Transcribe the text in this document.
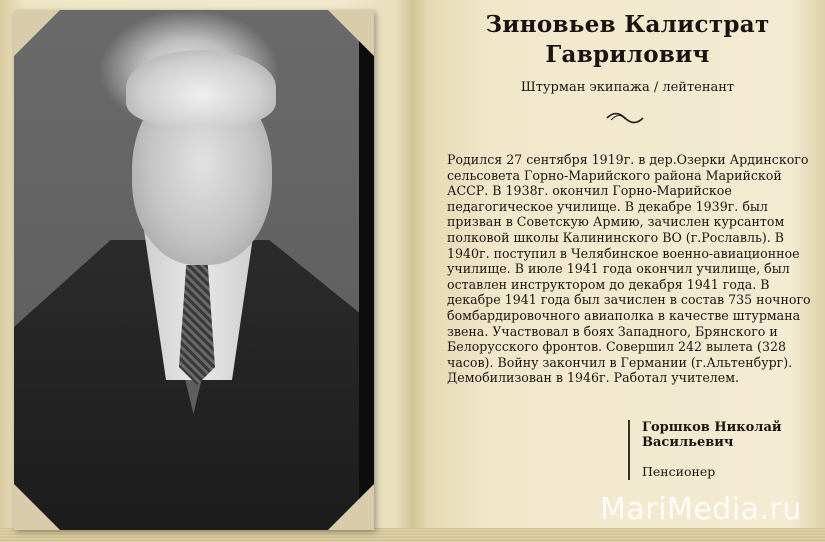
Зиновьев Калистрат Гаврилович
Штурман экипажа / лейтенант
Родился 27 сентября 1919г. в дер.Озерки Ардинского сельсовета Горно-Марийского района Марийской АССР. В 1938г. окончил Горно-Марийское педагогическое училище. В декабре 1939г. был призван в Советскую Армию, зачислен курсантом полковой школы Калининского ВО (г.Рославль). В 1940г. поступил в Челябинское военно-авиационное училище. В июле 1941 года окончил училище, был оставлен инструктором до декабря 1941 года. В декабре 1941 года был зачислен в состав 735 ночного бомбардировочного авиаполка в качестве штурмана звена. Участвовал в боях Западного, Брянского и Белорусского фронтов. Совершил 242 вылета (328 часов). Войну закончил в Германии (г.Альтенбург). Демобилизован в 1946г. Работал учителем.
Горшков Николай Васильевич
Пенсионер
MariMedia.ru
